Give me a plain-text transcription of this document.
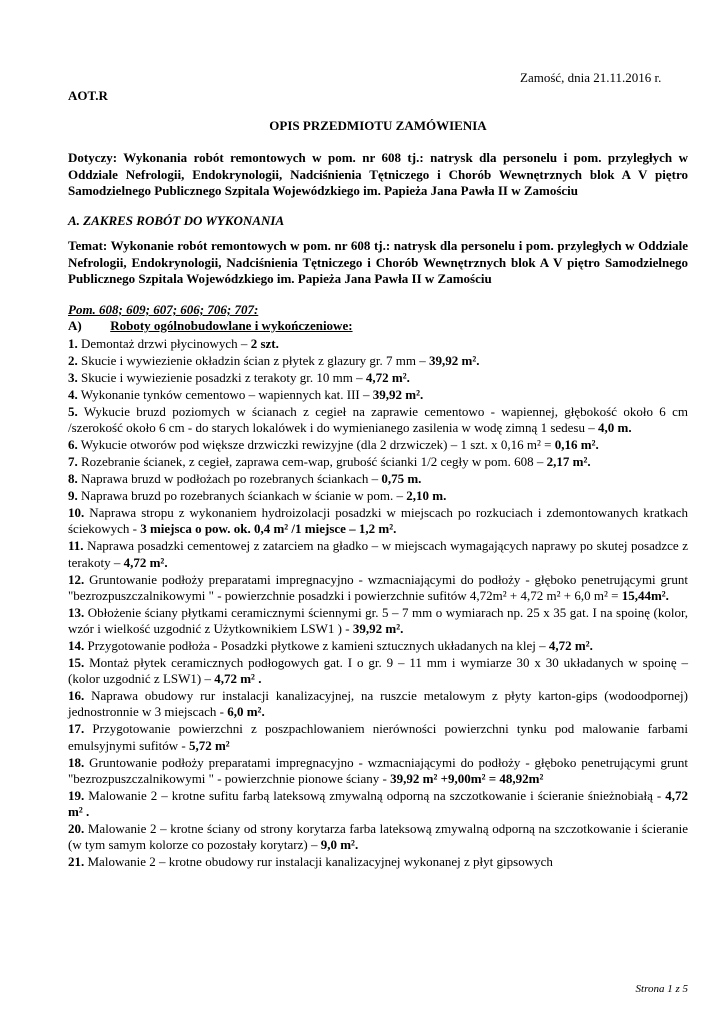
Zamość, dnia 21.11.2016 r.
AOT.R
OPIS PRZEDMIOTU ZAMÓWIENIA
Dotyczy: Wykonania robót remontowych w pom. nr 608 tj.: natrysk dla personelu i pom. przyległych w Oddziale Nefrologii, Endokrynologii, Nadciśnienia Tętniczego i Chorób Wewnętrznych blok A V piętro Samodzielnego Publicznego Szpitala Wojewódzkiego im. Papieża Jana Pawła II w Zamościu
A. ZAKRES ROBÓT DO WYKONANIA
Temat: Wykonanie robót remontowych w pom. nr 608 tj.: natrysk dla personelu i pom. przyległych w Oddziale Nefrologii, Endokrynologii, Nadciśnienia Tętniczego i Chorób Wewnętrznych blok A V piętro Samodzielnego Publicznego Szpitala Wojewódzkiego im. Papieża Jana Pawła II w Zamościu
Pom. 608; 609; 607; 606; 706; 707:
A) Roboty ogólnobudowlane i wykończeniowe:
1. Demontaż drzwi płycinowych – 2 szt.
2. Skucie i wywiezienie okładzin ścian z płytek z glazury gr. 7 mm – 39,92 m².
3. Skucie i wywiezienie posadzki z terakoty gr. 10 mm – 4,72 m².
4. Wykonanie tynków cementowo – wapiennych kat. III – 39,92 m².
5. Wykucie bruzd poziomych w ścianach z cegieł na zaprawie cementowo - wapiennej, głębokość około 6 cm /szerokość około 6 cm - do starych lokalówek i do wymienianego zasilenia w wodę zimną 1 sedesu – 4,0 m.
6. Wykucie otworów pod większe drzwiczki rewizyjne (dla 2 drzwiczek) – 1 szt. x 0,16 m² = 0,16 m².
7. Rozebranie ścianek, z cegieł, zaprawa cem-wap, grubość ścianki 1/2 cegły w pom. 608 – 2,17 m².
8. Naprawa bruzd w podłożach po rozebranych ściankach – 0,75 m.
9. Naprawa bruzd po rozebranych ściankach w ścianie w pom. – 2,10 m.
10. Naprawa stropu z wykonaniem hydroizolacji posadzki w miejscach po rozkuciach i zdemontowanych kratkach ściekowych - 3 miejsca o pow. ok. 0,4 m² /1 miejsce – 1,2 m².
11. Naprawa posadzki cementowej z zatarciem na gładko – w miejscach wymagających naprawy po skutej posadzce z terakoty – 4,72 m².
12. Gruntowanie podłoży preparatami impregnacyjno - wzmacniającymi do podłoży - głęboko penetrującymi grunt "bezrozpuszczalnikowymi " - powierzchnie posadzki i powierzchnie sufitów 4,72m² + 4,72 m² + 6,0 m² = 15,44m².
13. Obłożenie ściany płytkami ceramicznymi ściennymi gr. 5 – 7 mm o wymiarach np. 25 x 35 gat. I na spoinę (kolor, wzór i wielkość uzgodnić z Użytkownikiem LSW1 ) - 39,92 m².
14. Przygotowanie podłoża - Posadzki płytkowe z kamieni sztucznych układanych na klej – 4,72 m².
15. Montaż płytek ceramicznych podłogowych gat. I o gr. 9 – 11 mm i wymiarze 30 x 30 układanych w spoinę – (kolor uzgodnić z LSW1) – 4,72 m² .
16. Naprawa obudowy rur instalacji kanalizacyjnej, na ruszcie metalowym z płyty karton-gips (wodoodpornej) jednostronnie w 3 miejscach - 6,0 m².
17. Przygotowanie powierzchni z poszpachlowaniem nierówności powierzchni tynku pod malowanie farbami emulsyjnymi sufitów - 5,72 m²
18. Gruntowanie podłoży preparatami impregnacyjno - wzmacniającymi do podłoży - głęboko penetrującymi grunt "bezrozpuszczalnikowymi " - powierzchnie pionowe ściany - 39,92 m² +9,00m² = 48,92m²
19. Malowanie 2 – krotne sufitu farbą lateksową zmywalną odporną na szczotkowanie i ścieranie śnieżnobiałą - 4,72 m² .
20. Malowanie 2 – krotne ściany od strony korytarza farba lateksową zmywalną odporną na szczotkowanie i ścieranie (w tym samym kolorze co pozostały korytarz) – 9,0 m².
21. Malowanie 2 – krotne obudowy rur instalacji kanalizacyjnej wykonanej z płyt gipsowych
Strona 1 z 5
